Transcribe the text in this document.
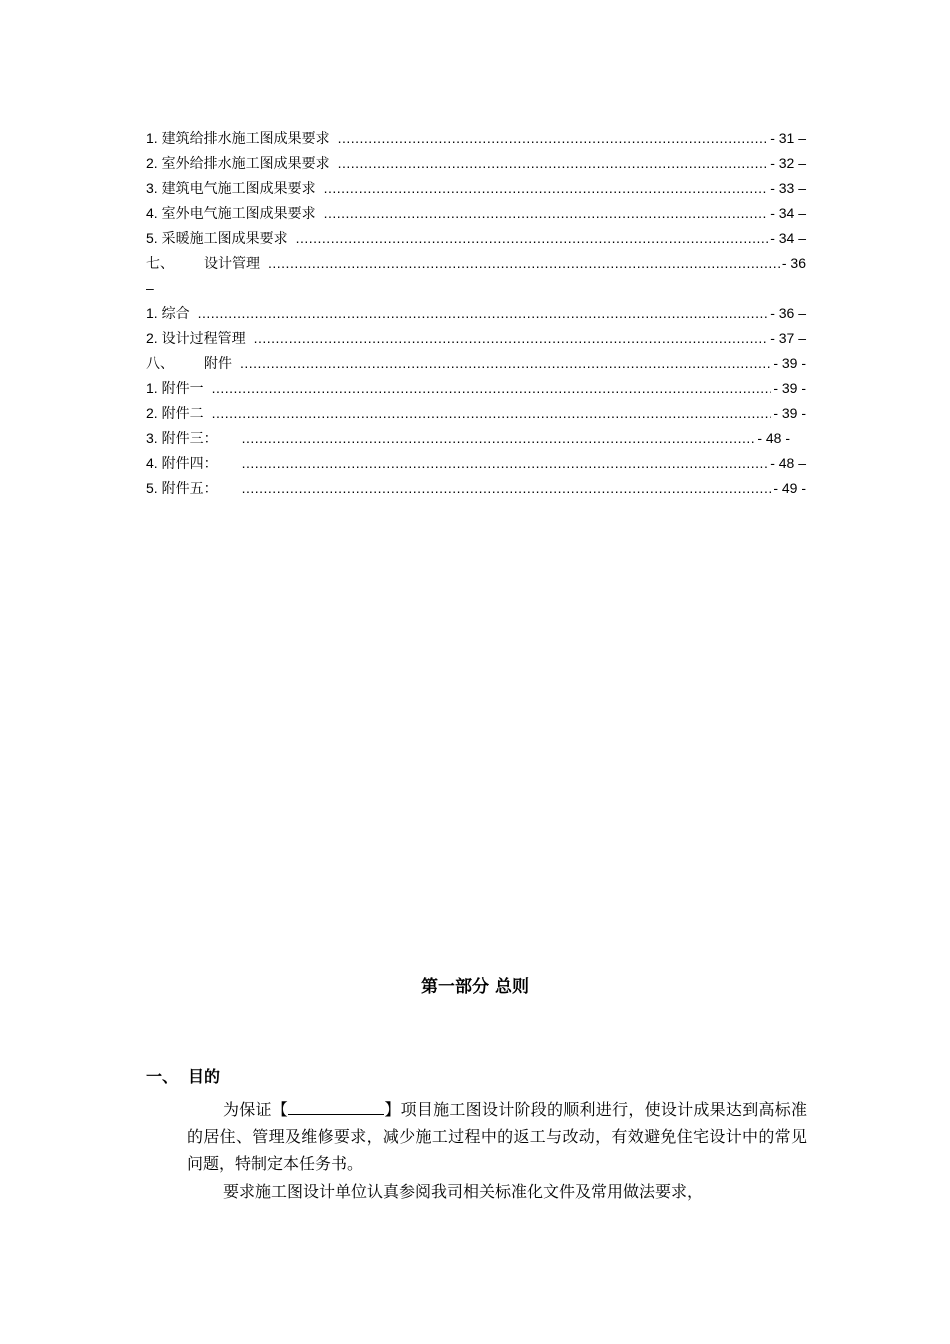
1. 建筑给排水施工图成果要求 .....	- 31 –
2. 室外给排水施工图成果要求 .....	- 32 –
3. 建筑电气施工图成果要求 .....	- 33 –
4. 室外电气施工图成果要求 .....	- 34 –
5. 采暖施工图成果要求 .....	- 34 –
七、 设计管理 .....	- 36
–
1. 综合 .....	- 36 –
2. 设计过程管理 .....	- 37 –
八、 附件 .....	- 39 -
1. 附件一 .....	- 39 -
2. 附件二 .....	- 39 -
3. 附件三： .....	- 48 -
4. 附件四： .....	- 48 –
5. 附件五： .....	- 49 -
第一部分 总则
一、 目的
为保证【	】项目施工图设计阶段的顺利进行，使设计成果达到高标准的居住、管理及维修要求，减少施工过程中的返工与改动，有效避免住宅设计中的常见问题，特制定本任务书。
要求施工图设计单位认真参阅我司相关标准化文件及常用做法要求，
